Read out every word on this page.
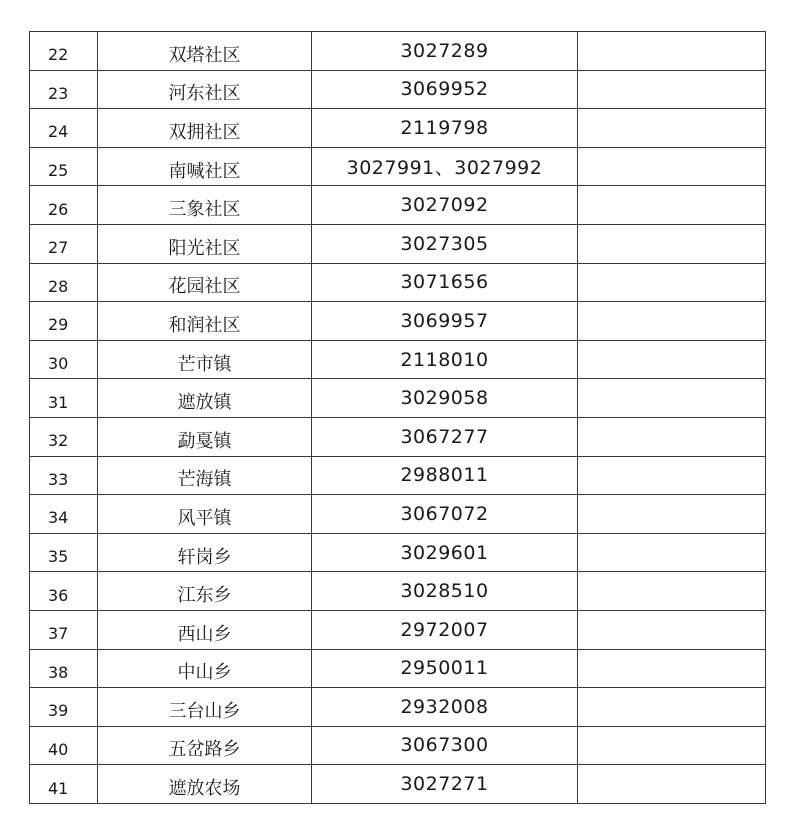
22	双塔社区	3027289	
23	河东社区	3069952	
24	双拥社区	2119798	
25	南喊社区	3027991、3027992	
26	三象社区	3027092	
27	阳光社区	3027305	
28	花园社区	3071656	
29	和润社区	3069957	
30	芒市镇	2118010	
31	遮放镇	3029058	
32	勐戛镇	3067277	
33	芒海镇	2988011	
34	风平镇	3067072	
35	轩岗乡	3029601	
36	江东乡	3028510	
37	西山乡	2972007	
38	中山乡	2950011	
39	三台山乡	2932008	
40	五岔路乡	3067300	
41	遮放农场	3027271	
